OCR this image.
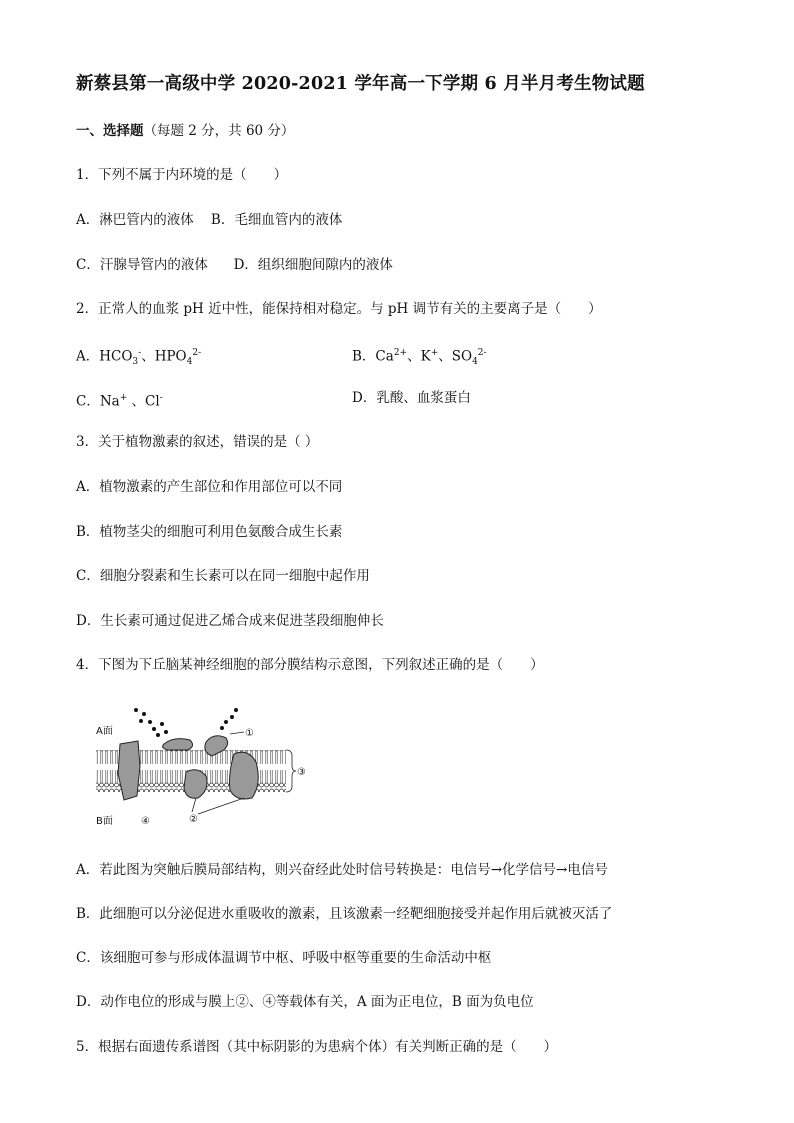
新蔡县第一高级中学 2020-2021 学年高一下学期 6 月半月考生物试题
一、选择题（每题 2 分，共 60 分）
1．下列不属于内环境的是（　　）
A．淋巴管内的液体 B．毛细血管内的液体
C．汗腺导管内的液体 D．组织细胞间隙内的液体
2．正常人的血浆 pH 近中性，能保持相对稳定。与 pH 调节有关的主要离子是（　　）
A．$HCO_3^-$、$HPO_4^{2-}$	B．$Ca^{2+}$、K+、$SO_4^{2-}$
C．Na+ 、Cl-	D．乳酸、血浆蛋白
3．关于植物激素的叙述，错误的是（ ）
A．植物激素的产生部位和作用部位可以不同
B．植物茎尖的细胞可利用色氨酸合成生长素
C．细胞分裂素和生长素可以在同一细胞中起作用
D．生长素可通过促进乙烯合成来促进茎段细胞伸长
4．下图为下丘脑某神经细胞的部分膜结构示意图，下列叙述正确的是（　　）
A面
B面
①
②
③
④
A．若此图为突触后膜局部结构，则兴奋经此处时信号转换是：电信号→化学信号→电信号
B．此细胞可以分泌促进水重吸收的激素，且该激素一经靶细胞接受并起作用后就被灭活了
C．该细胞可参与形成体温调节中枢、呼吸中枢等重要的生命活动中枢
D．动作电位的形成与膜上②、④等载体有关，A 面为正电位，B 面为负电位
5．根据右面遗传系谱图（其中标阴影的为患病个体）有关判断正确的是（　　）
